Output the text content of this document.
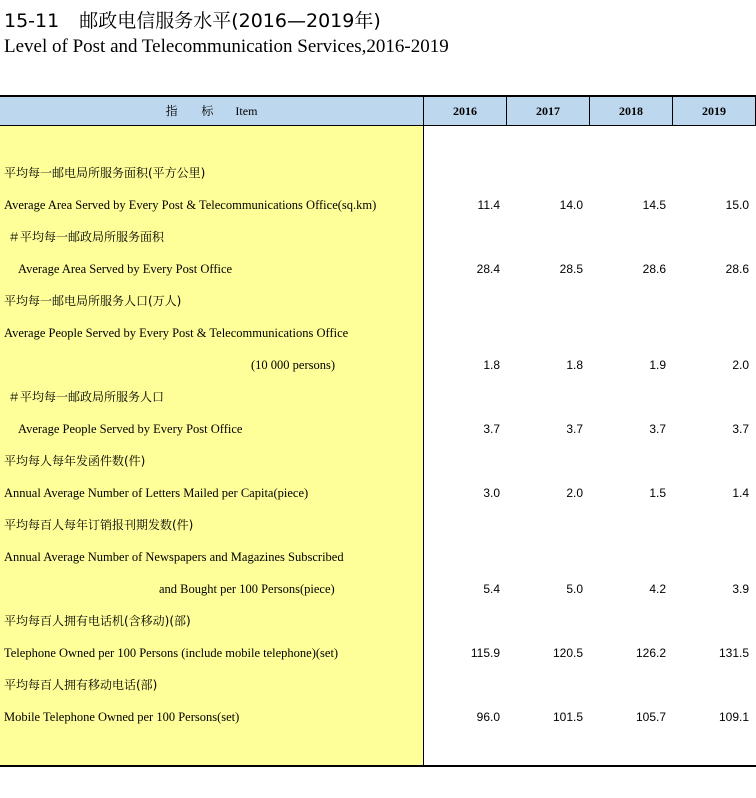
15-11 邮政电信服务水平(2016—2019年)
Level of Post and Telecommunication Services,2016-2019
指 标 Item	2016	2017	2018	2019
平均每一邮电局所服务面积(平方公里)
Average Area Served by Every Post & Telecommunications Office(sq.km)	11.4	14.0	14.5	15.0
＃平均每一邮政局所服务面积
Average Area Served by Every Post Office	28.4	28.5	28.6	28.6
平均每一邮电局所服务人口(万人)
Average People Served by Every Post & Telecommunications Office
(10 000 persons)	1.8	1.8	1.9	2.0
＃平均每一邮政局所服务人口
Average People Served by Every Post Office	3.7	3.7	3.7	3.7
平均每人每年发函件数(件)
Annual Average Number of Letters Mailed per Capita(piece)	3.0	2.0	1.5	1.4
平均每百人每年订销报刊期发数(件)
Annual Average Number of Newspapers and Magazines Subscribed
and Bought per 100 Persons(piece)	5.4	5.0	4.2	3.9
平均每百人拥有电话机(含移动)(部)
Telephone Owned per 100 Persons (include mobile telephone)(set)	115.9	120.5	126.2	131.5
平均每百人拥有移动电话(部)
Mobile Telephone Owned per 100 Persons(set)	96.0	101.5	105.7	109.1
